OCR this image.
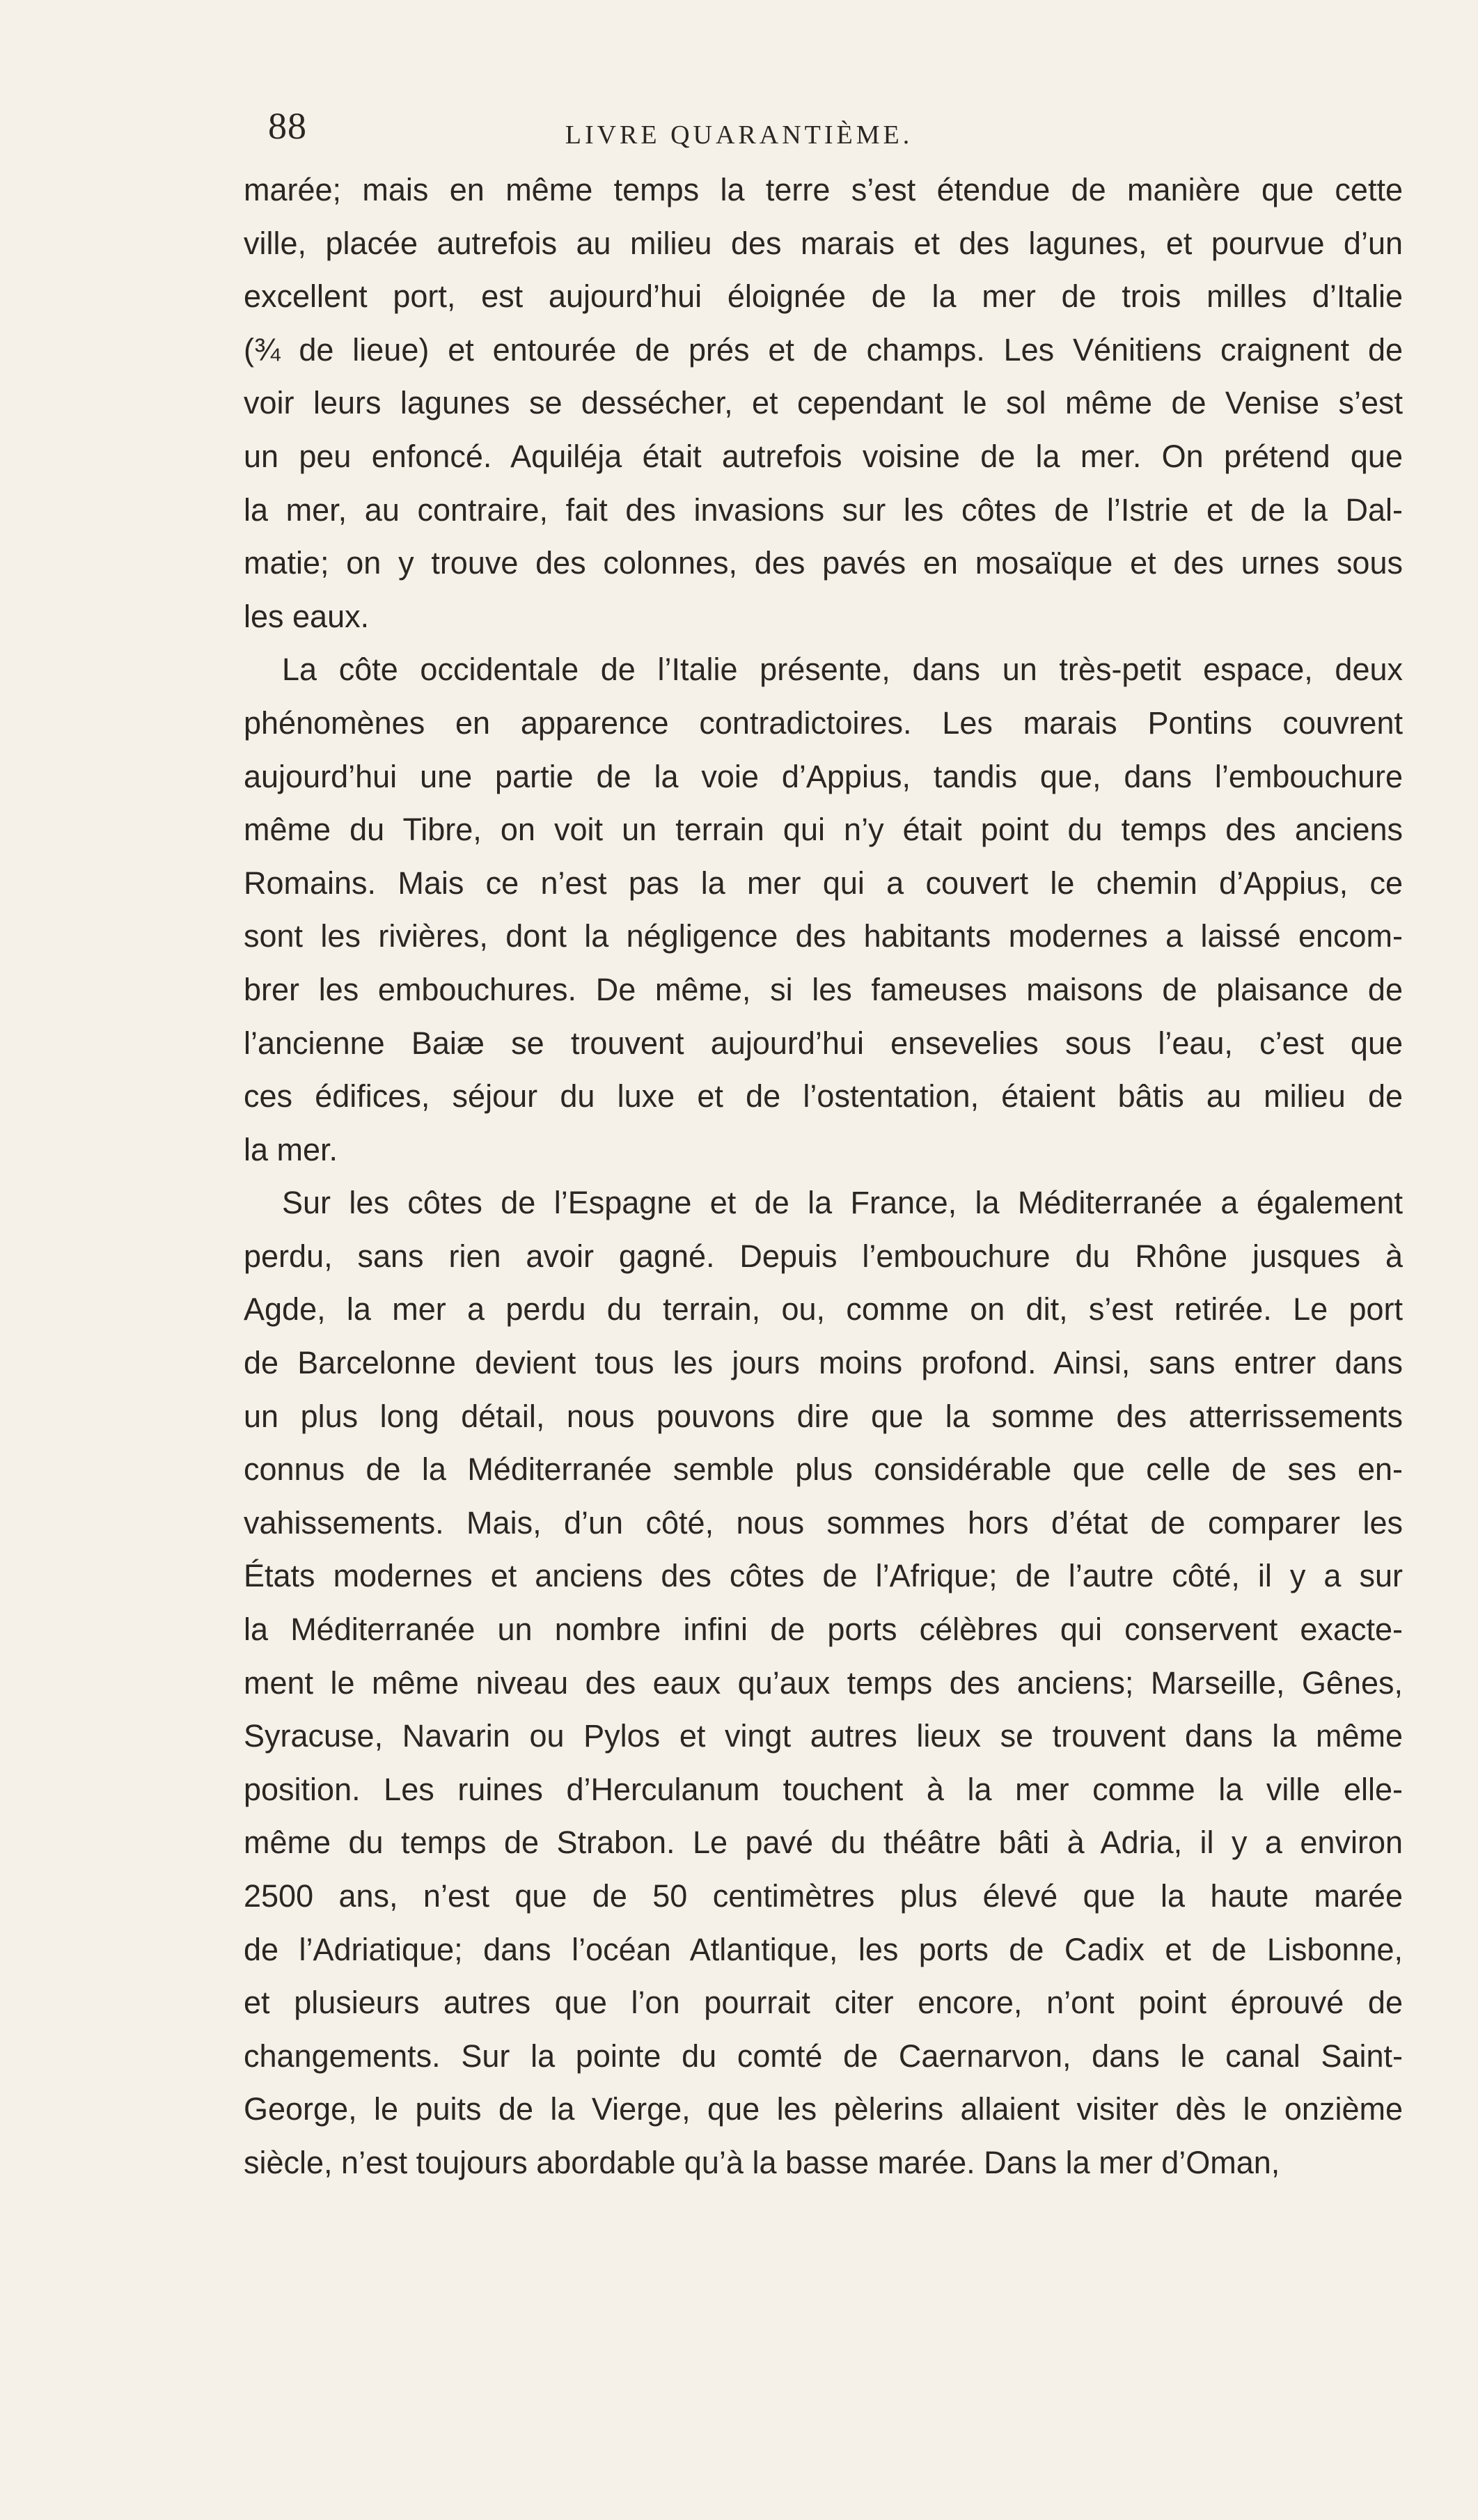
88	LIVRE QUARANTIÈME.
marée; mais en même temps la terre s’est étendue de manière que cette
ville, placée autrefois au milieu des marais et des lagunes, et pourvue d’un
excellent port, est aujourd’hui éloignée de la mer de trois milles d’Italie
(¾ de lieue) et entourée de prés et de champs. Les Vénitiens craignent de
voir leurs lagunes se dessécher, et cependant le sol même de Venise s’est
un peu enfoncé. Aquiléja était autrefois voisine de la mer. On prétend que
la mer, au contraire, fait des invasions sur les côtes de l’Istrie et de la Dal-
matie; on y trouve des colonnes, des pavés en mosaïque et des urnes sous
les eaux.
La côte occidentale de l’Italie présente, dans un très-petit espace, deux
phénomènes en apparence contradictoires. Les marais Pontins couvrent
aujourd’hui une partie de la voie d’Appius, tandis que, dans l’embouchure
même du Tibre, on voit un terrain qui n’y était point du temps des anciens
Romains. Mais ce n’est pas la mer qui a couvert le chemin d’Appius, ce
sont les rivières, dont la négligence des habitants modernes a laissé encom-
brer les embouchures. De même, si les fameuses maisons de plaisance de
l’ancienne Baiæ se trouvent aujourd’hui ensevelies sous l’eau, c’est que
ces édifices, séjour du luxe et de l’ostentation, étaient bâtis au milieu de
la mer.
Sur les côtes de l’Espagne et de la France, la Méditerranée a également
perdu, sans rien avoir gagné. Depuis l’embouchure du Rhône jusques à
Agde, la mer a perdu du terrain, ou, comme on dit, s’est retirée. Le port
de Barcelonne devient tous les jours moins profond. Ainsi, sans entrer dans
un plus long détail, nous pouvons dire que la somme des atterrissements
connus de la Méditerranée semble plus considérable que celle de ses en-
vahissements. Mais, d’un côté, nous sommes hors d’état de comparer les
États modernes et anciens des côtes de l’Afrique; de l’autre côté, il y a sur
la Méditerranée un nombre infini de ports célèbres qui conservent exacte-
ment le même niveau des eaux qu’aux temps des anciens; Marseille, Gênes,
Syracuse, Navarin ou Pylos et vingt autres lieux se trouvent dans la même
position. Les ruines d’Herculanum touchent à la mer comme la ville elle-
même du temps de Strabon. Le pavé du théâtre bâti à Adria, il y a environ
2500 ans, n’est que de 50 centimètres plus élevé que la haute marée
de l’Adriatique; dans l’océan Atlantique, les ports de Cadix et de Lisbonne,
et plusieurs autres que l’on pourrait citer encore, n’ont point éprouvé de
changements. Sur la pointe du comté de Caernarvon, dans le canal Saint-
George, le puits de la Vierge, que les pèlerins allaient visiter dès le onzième
siècle, n’est toujours abordable qu’à la basse marée. Dans la mer d’Oman,
